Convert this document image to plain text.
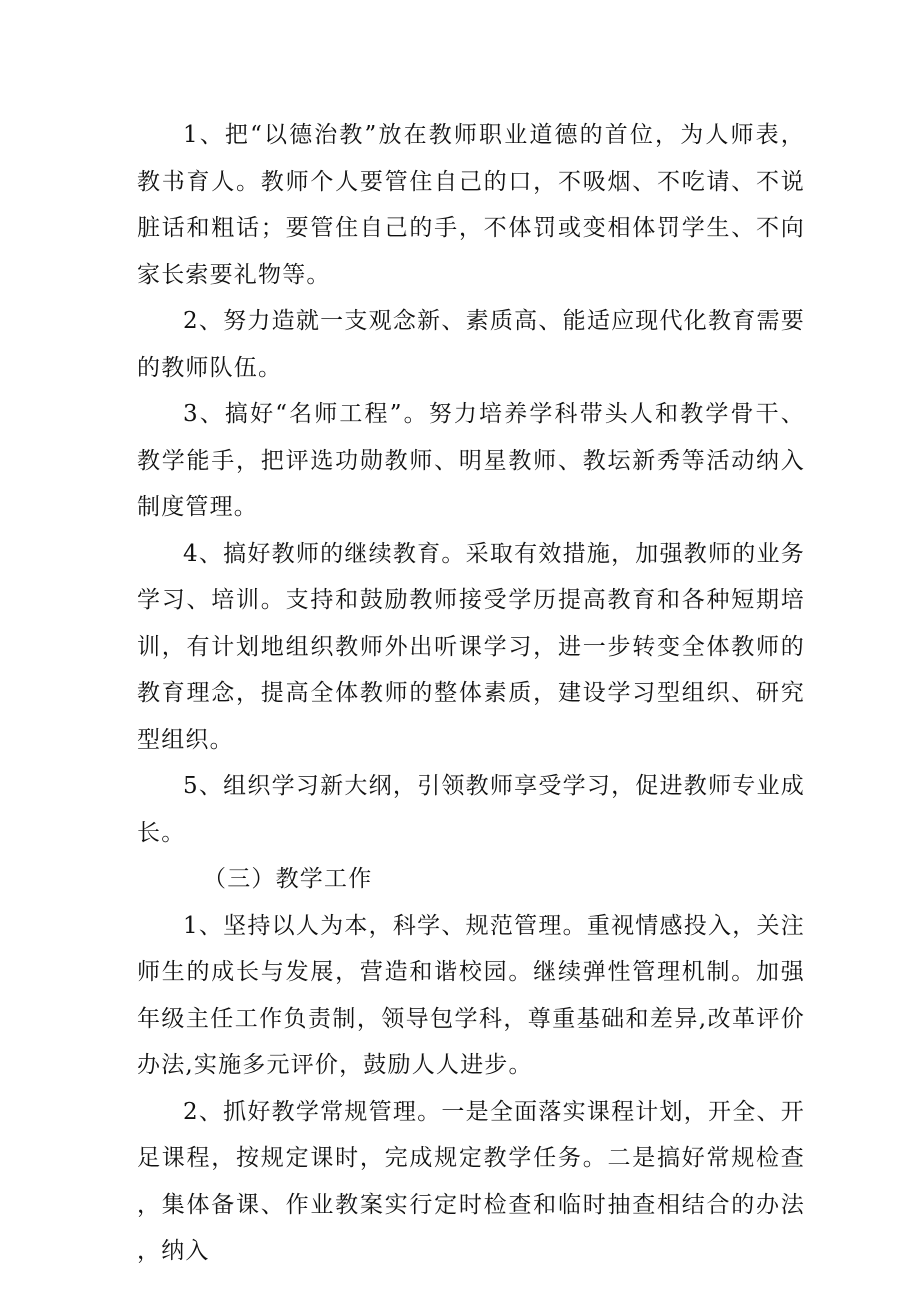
1、把“以德治教”放在教师职业道德的首位，为人师表，教书育人。教师个人要管住自己的口，不吸烟、不吃请、不说脏话和粗话；要管住自己的手，不体罚或变相体罚学生、不向家长索要礼物等。

2、努力造就一支观念新、素质高、能适应现代化教育需要的教师队伍。

3、搞好“名师工程”。努力培养学科带头人和教学骨干、教学能手，把评选功勋教师、明星教师、教坛新秀等活动纳入制度管理。

4、搞好教师的继续教育。采取有效措施，加强教师的业务学习、培训。支持和鼓励教师接受学历提高教育和各种短期培训，有计划地组织教师外出听课学习，进一步转变全体教师的教育理念，提高全体教师的整体素质，建设学习型组织、研究型组织。

5、组织学习新大纲，引领教师享受学习，促进教师专业成长。

（三）教学工作

1、坚持以人为本，科学、规范管理。重视情感投入，关注师生的成长与发展，营造和谐校园。继续弹性管理机制。加强年级主任工作负责制，领导包学科，尊重基础和差异,改革评价办法,实施多元评价，鼓励人人进步。

2、抓好教学常规管理。一是全面落实课程计划，开全、开足课程，按规定课时，完成规定教学任务。二是搞好常规检查，集体备课、作业教案实行定时检查和临时抽查相结合的办法，纳入
